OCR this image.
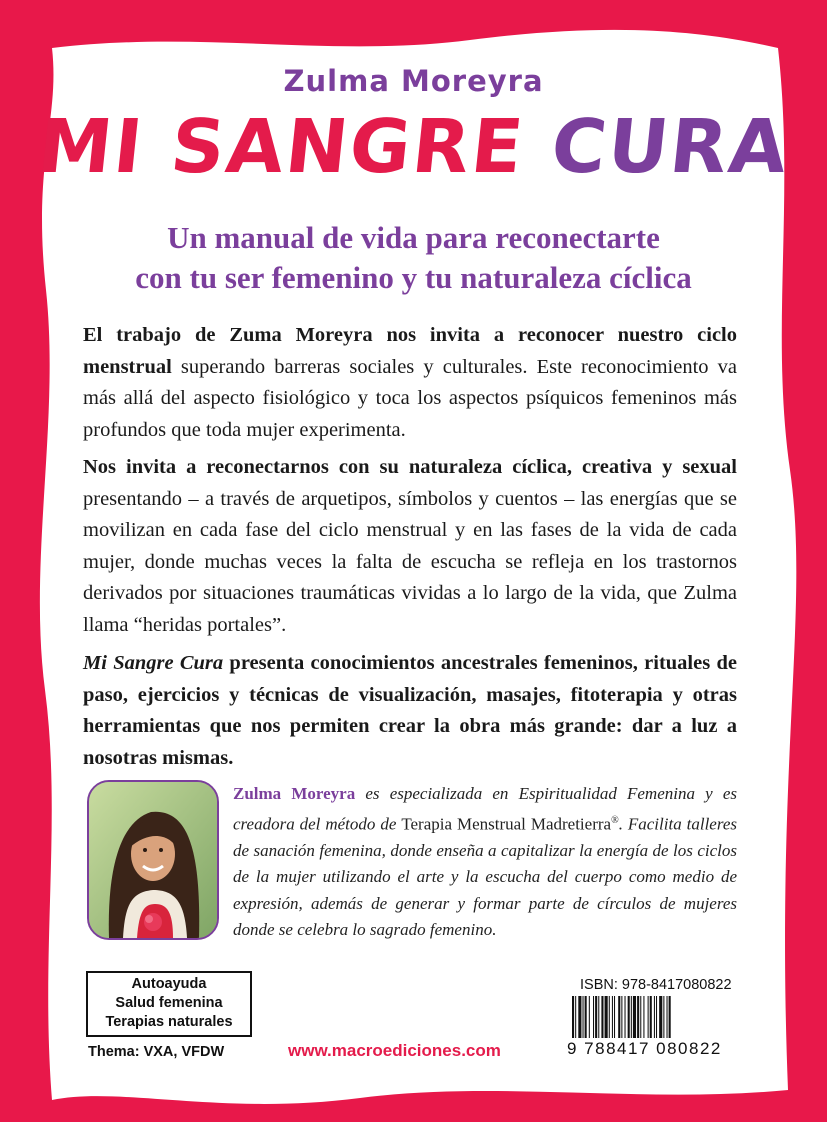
Zulma Moreyra
MI SANGRE CURA
Un manual de vida para reconectarte
con tu ser femenino y tu naturaleza cíclica

El trabajo de Zuma Moreyra nos invita a reconocer nuestro ciclo menstrual superando barreras sociales y culturales. Este reconocimiento va más allá del aspecto fisiológico y toca los aspectos psíquicos femeninos más profundos que toda mujer experimenta.

Nos invita a reconectarnos con su naturaleza cíclica, creativa y sexual presentando – a través de arquetipos, símbolos y cuentos – las energías que se movilizan en cada fase del ciclo menstrual y en las fases de la vida de cada mujer, donde muchas veces la falta de escucha se refleja en los trastornos derivados por situaciones traumáticas vividas a lo largo de la vida, que Zulma llama “heridas portales”.

Mi Sangre Cura presenta conocimientos ancestrales femeninos, rituales de paso, ejercicios y técnicas de visualización, masajes, fitoterapia y otras herramientas que nos permiten crear la obra más grande: dar a luz a nosotras mismas.

Zulma Moreyra es especializada en Espiritualidad Femenina y es creadora del método de Terapia Menstrual Madretierra®. Facilita talleres de sanación femenina, donde enseña a capitalizar la energía de los ciclos de la mujer utilizando el arte y la escucha del cuerpo como medio de expresión, además de generar y formar parte de círculos de mujeres donde se celebra lo sagrado femenino.

Autoayuda
Salud femenina
Terapias naturales
Thema: VXA, VFDW	www.macroediciones.com
ISBN: 978-8417080822
9 788417 080822
